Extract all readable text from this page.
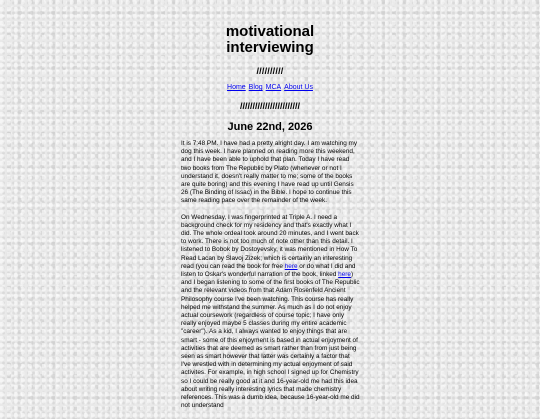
motivational
interviewing
//////////
Home Blog MCA About Us
////////////////////////
June 22nd, 2026

It is 7:48 PM. I have had a pretty alright day. I am watching my dog this week. I have planned on reading more this weekend, and I have been able to uphold that plan. Today I have read two books from The Republic by Plato (whenever or not I understand it, doesn't really matter to me; some of the books are quite boring) and this evening I have read up until Gensis 26 (The Binding of Issac) in the Bible. I hope to continue this same reading pace over the remainder of the week.

On Wednesday, I was fingerprinted at Triple A. I need a background check for my residency and that's exactly what I did. The whole ordeal took around 20 minutes, and I went back to work. There is not too much of note other than this detail. I listened to Bobok by Dostoyevsky, it was mentioned in How To Read Lacan by Slavoj Zizek; which is certainly an interesting read (you can read the book for free here or do what I did and listen to Oskar's wonderful narration of the book, linked here) and I began listening to some of the first books of The Republic and the relevant videos from that Adam Rosenfeld Ancient Philosophy course I've been watching. This course has really helped me withstand the summer. As much as I do not enjoy actual coursework (regardless of course topic; I have only really enjoyed maybe 5 classes during my entire academic "career"). As a kid, I always wanted to enjoy things that are smart - some of this enjoyment is based in actual enjoyment of activities that are deemed as smart rather than from just being seen as smart however that latter was certainly a factor that I've wrestled with in determining my actual enjoyment of said activites. For example, in high school I signed up for Chemistry so I could be really good at it and 16-year-old me had this idea about writing really interesting lyrics that made chemistry references. This was a dumb idea, because 16-year-old me did not understand
